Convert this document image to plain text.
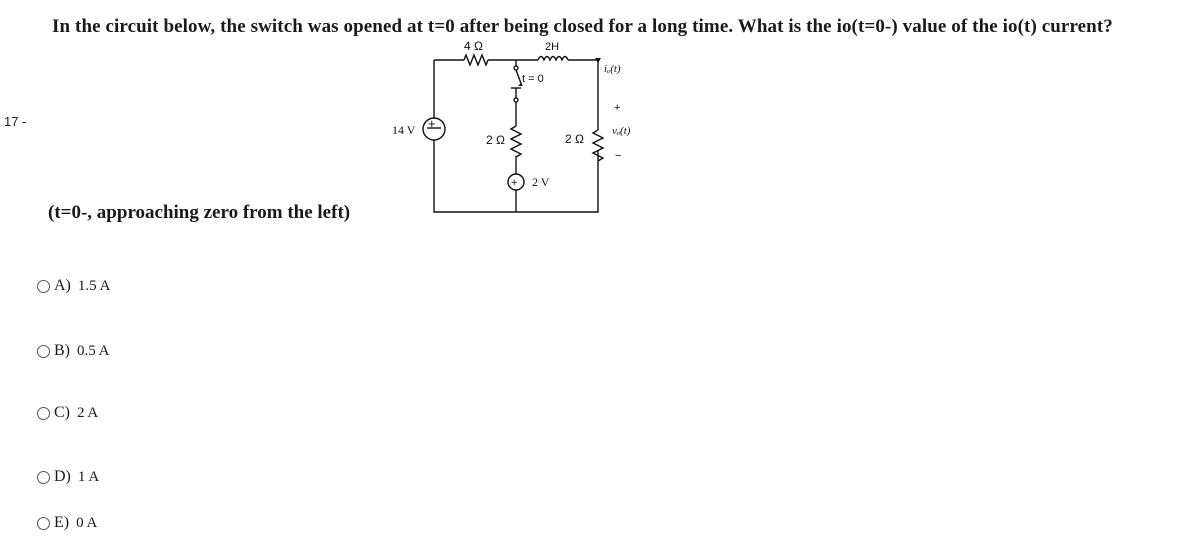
17 -
In the circuit below, the switch was opened at t=0 after being closed for a long time. What is the io(t=0-) value of the io(t) current?
+
14 V
4 Ω	2H
t = 0
2 Ω
+ 2 V
2 Ω
iₒ(t)
+
vₒ(t)
−
(t=0-, approaching zero from the left)
A) 1.5 A
B) 0.5 A
C) 2 A
D) 1 A
E) 0 A
